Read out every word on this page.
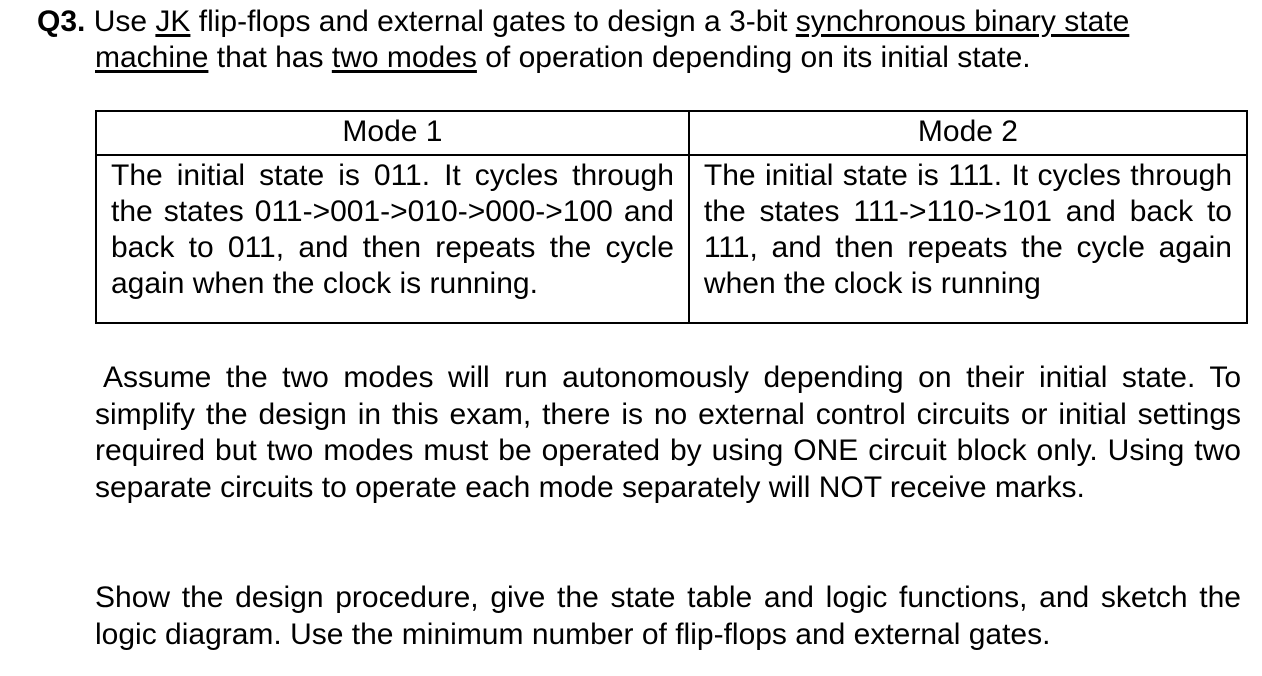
Q3. Use JK flip-flops and external gates to design a 3-bit synchronous binary state
machine that has two modes of operation depending on its initial state.
Mode 1	Mode 2
The initial state is 011. It cycles through the states 011->001->010->000->100 and back to 011, and then repeats the cycle again when the clock is running.	The initial state is 111. It cycles through the states 111->110->101 and back to 111, and then repeats the cycle again when the clock is running
Assume the two modes will run autonomously depending on their initial state. To simplify the design in this exam, there is no external control circuits or initial settings required but two modes must be operated by using ONE circuit block only. Using two separate circuits to operate each mode separately will NOT receive marks.
Show the design procedure, give the state table and logic functions, and sketch the logic diagram. Use the minimum number of flip-flops and external gates.
